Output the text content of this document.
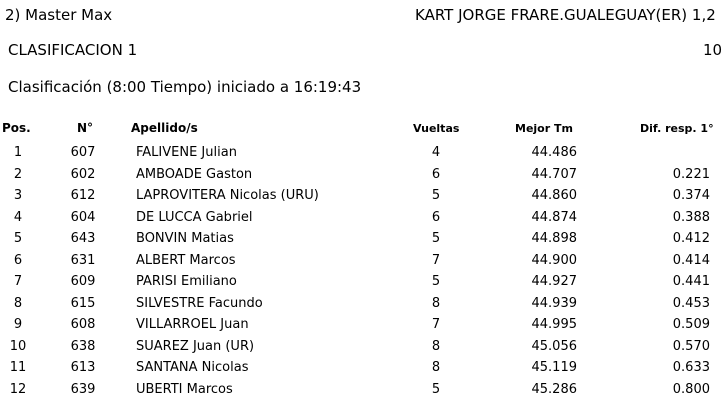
2) Master Max	KART JORGE FRARE.GUALEGUAY(ER) 1,2
CLASIFICACION 1	10
Clasificación (8:00 Tiempo) iniciado a 16:19:43
Pos.	N°	Apellido/s	Vueltas	Mejor Tm	Dif. resp. 1°
1	607	FALIVENE Julian	4	44.486
2	602	AMBOADE Gaston	6	44.707	0.221
3	612	LAPROVITERA Nicolas (URU)	5	44.860	0.374
4	604	DE LUCCA Gabriel	6	44.874	0.388
5	643	BONVIN Matias	5	44.898	0.412
6	631	ALBERT Marcos	7	44.900	0.414
7	609	PARISI Emiliano	5	44.927	0.441
8	615	SILVESTRE Facundo	8	44.939	0.453
9	608	VILLARROEL Juan	7	44.995	0.509
10	638	SUAREZ Juan (UR)	8	45.056	0.570
11	613	SANTANA Nicolas	8	45.119	0.633
12	639	UBERTI Marcos	5	45.286	0.800
